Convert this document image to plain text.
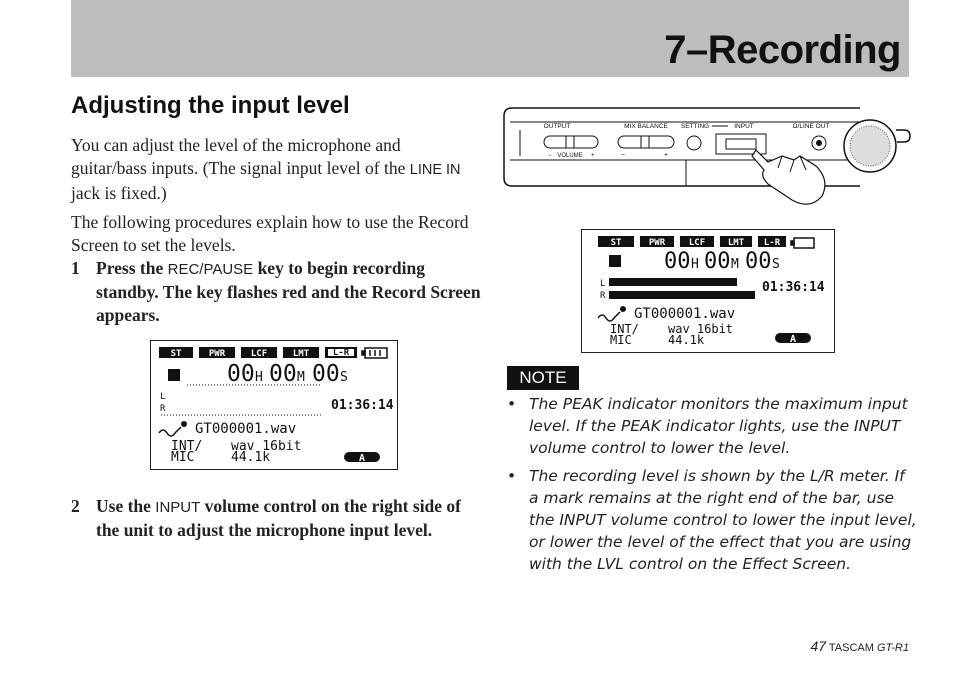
7–Recording
Adjusting the input level

You can adjust the level of the microphone and guitar/bass inputs. (The signal input level of the LINE IN jack is fixed.)

The following procedures explain how to use the Record Screen to set the levels.

1 Press the REC/PAUSE key to begin recording standby. The key flashes red and the Record Screen appears.
2 Use the INPUT volume control on the right side of the unit to adjust the microphone input level.
ST	PWR	LCF	LMT	L-R
00 H 00 M 00 S
L
R	01:36:14
GT000001.wav
INT/
MIC
wav 16bit
44.1k	A
OUTPUT
− VOLUME +
MIX BALANCE
−	+
SETTING	INPUT	Ω/LINE OUT
ST	PWR	LCF	LMT L-R
00 H 00 M 00 S
L
R
01:36:14
GT000001.wav
INT/
MIC
wav 16bit
44.1k	A
NOTE
• The PEAK indicator monitors the maximum input level. If the PEAK indicator lights, use the INPUT volume control to lower the level.
• The recording level is shown by the L/R meter. If a mark remains at the right end of the bar, use the INPUT volume control to lower the input level, or lower the level of the effect that you are using with the LVL control on the Effect Screen.
47 TASCAM GT-R1
